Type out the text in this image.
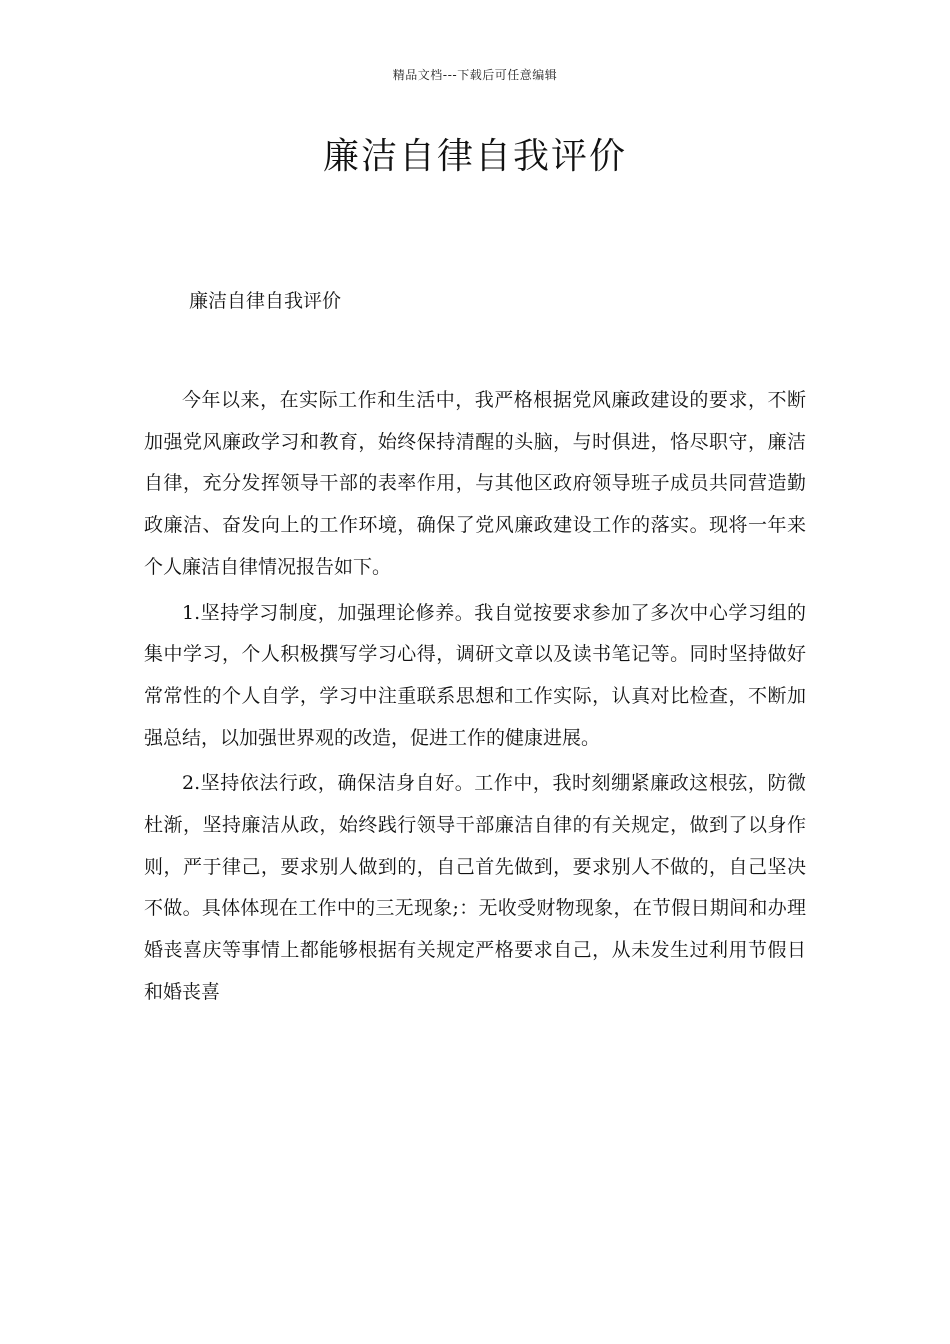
精品文档---下载后可任意编辑
廉洁自律自我评价
廉洁自律自我评价

今年以来，在实际工作和生活中，我严格根据党风廉政建设的要求，不断加强党风廉政学习和教育，始终保持清醒的头脑，与时俱进，恪尽职守，廉洁自律，充分发挥领导干部的表率作用，与其他区政府领导班子成员共同营造勤政廉洁、奋发向上的工作环境，确保了党风廉政建设工作的落实。现将一年来个人廉洁自律情况报告如下。

1.坚持学习制度，加强理论修养。我自觉按要求参加了多次中心学习组的集中学习，个人积极撰写学习心得，调研文章以及读书笔记等。同时坚持做好常常性的个人自学，学习中注重联系思想和工作实际，认真对比检查，不断加强总结，以加强世界观的改造，促进工作的健康进展。

2.坚持依法行政，确保洁身自好。工作中，我时刻绷紧廉政这根弦，防微杜渐，坚持廉洁从政，始终践行领导干部廉洁自律的有关规定，做到了以身作则，严于律己，要求别人做到的，自己首先做到，要求别人不做的，自己坚决不做。具体体现在工作中的三无现象;：无收受财物现象，在节假日期间和办理婚丧喜庆等事情上都能够根据有关规定严格要求自己，从未发生过利用节假日和婚丧喜
